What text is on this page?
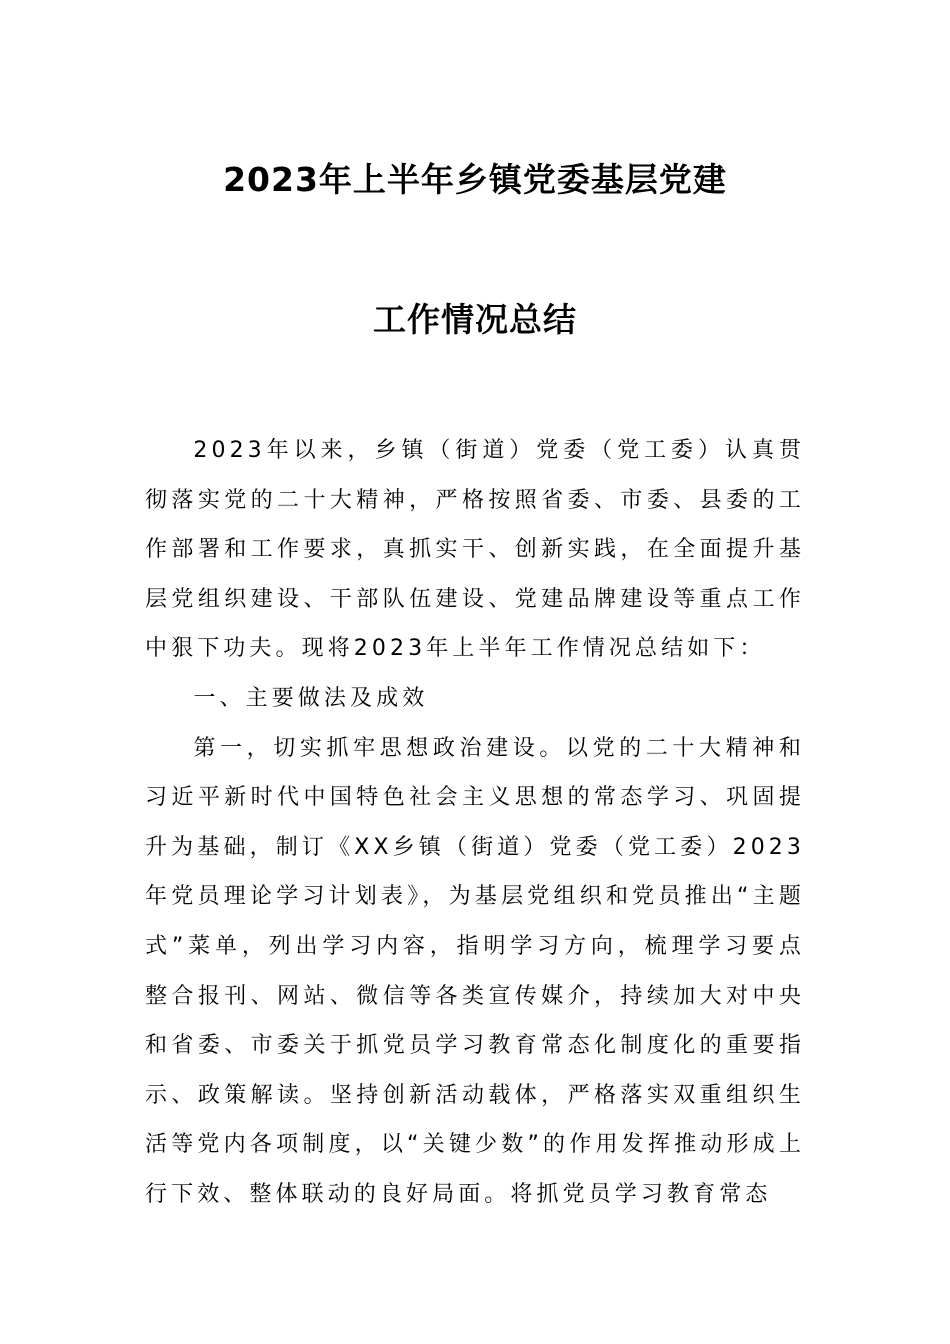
2023年上半年乡镇党委基层党建
工作情况总结

2023年以来，乡镇（街道）党委（党工委）认真贯彻落实党的二十大精神，严格按照省委、市委、县委的工作部署和工作要求，真抓实干、创新实践，在全面提升基层党组织建设、干部队伍建设、党建品牌建设等重点工作中狠下功夫。现将2023年上半年工作情况总结如下：

一、主要做法及成效

第一，切实抓牢思想政治建设。以党的二十大精神和习近平新时代中国特色社会主义思想的常态学习、巩固提升为基础，制订《XX乡镇（街道）党委（党工委）2023年党员理论学习计划表》，为基层党组织和党员推出“主题式”菜单，列出学习内容，指明学习方向，梳理学习要点整合报刊、网站、微信等各类宣传媒介，持续加大对中央和省委、市委关于抓党员学习教育常态化制度化的重要指示、政策解读。坚持创新活动载体，严格落实双重组织生活等党内各项制度，以“关键少数”的作用发挥推动形成上行下效、整体联动的良好局面。将抓党员学习教育常态
